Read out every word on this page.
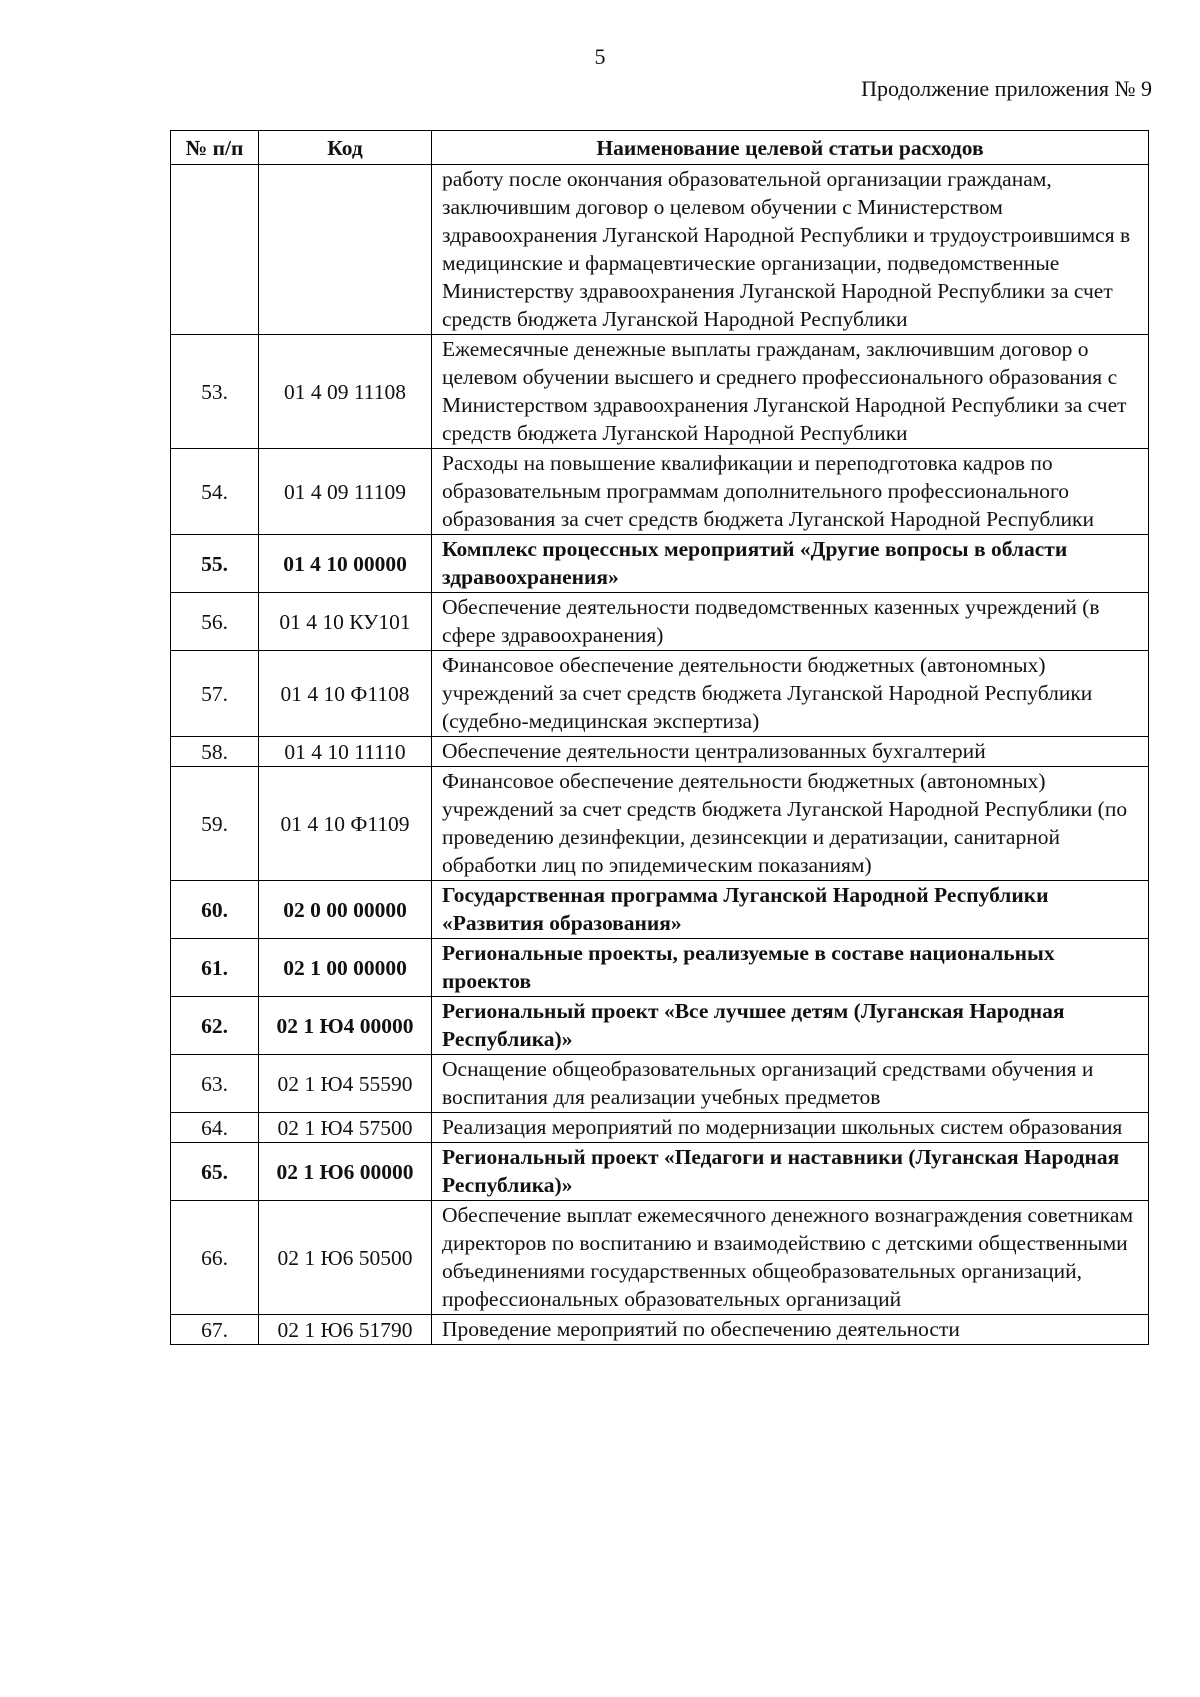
5
Продолжение приложения № 9
№ п/п	Код	Наименование целевой статьи расходов
		работу после окончания образовательной организации гражданам, заключившим договор о целевом обучении с Министерством здравоохранения Луганской Народной Республики и трудоустроившимся в медицинские и фармацевтические организации, подведомственные Министерству здравоохранения Луганской Народной Республики за счет средств бюджета Луганской Народной Республики
53.	01 4 09 11108	Ежемесячные денежные выплаты гражданам, заключившим договор о целевом обучении высшего и среднего профессионального образования с Министерством здравоохранения Луганской Народной Республики за счет средств бюджета Луганской Народной Республики
54.	01 4 09 11109	Расходы на повышение квалификации и переподготовка кадров по образовательным программам дополнительного профессионального образования за счет средств бюджета Луганской Народной Республики
55.	01 4 10 00000	Комплекс процессных мероприятий «Другие вопросы в области здравоохранения»
56.	01 4 10 КУ101	Обеспечение деятельности подведомственных казенных учреждений (в сфере здравоохранения)
57.	01 4 10 Ф1108	Финансовое обеспечение деятельности бюджетных (автономных) учреждений за счет средств бюджета Луганской Народной Республики (судебно-медицинская экспертиза)
58.	01 4 10 11110	Обеспечение деятельности централизованных бухгалтерий
59.	01 4 10 Ф1109	Финансовое обеспечение деятельности бюджетных (автономных) учреждений за счет средств бюджета Луганской Народной Республики (по проведению дезинфекции, дезинсекции и дератизации, санитарной обработки лиц по эпидемическим показаниям)
60.	02 0 00 00000	Государственная программа Луганской Народной Республики «Развития образования»
61.	02 1 00 00000	Региональные проекты, реализуемые в составе национальных проектов
62.	02 1 Ю4 00000	Региональный проект «Все лучшее детям (Луганская Народная Республика)»
63.	02 1 Ю4 55590	Оснащение общеобразовательных организаций средствами обучения и воспитания для реализации учебных предметов
64.	02 1 Ю4 57500	Реализация мероприятий по модернизации школьных систем образования
65.	02 1 Ю6 00000	Региональный проект «Педагоги и наставники (Луганская Народная Республика)»
66.	02 1 Ю6 50500	Обеспечение выплат ежемесячного денежного вознаграждения советникам директоров по воспитанию и взаимодействию с детскими общественными объединениями государственных общеобразовательных организаций, профессиональных образовательных организаций
67.	02 1 Ю6 51790	Проведение мероприятий по обеспечению деятельности
